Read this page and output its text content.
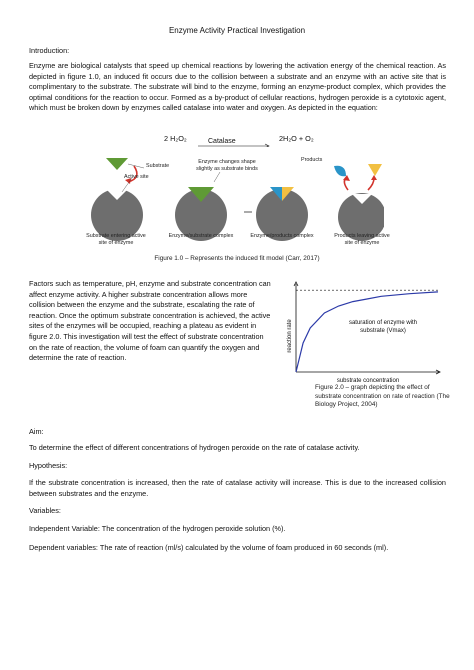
Enzyme Activity Practical Investigation
Introduction:
Enzyme are biological catalysts that speed up chemical reactions by lowering the activation energy of the chemical reaction. As depicted in figure 1.0, an induced fit occurs due to the collision between a substrate and an enzyme with an active site that is complimentary to the substrate. The substrate will bind to the enzyme, forming an enzyme-product complex, which provides the optimal conditions for the reaction to occur. Formed as a by-product of cellular reactions, hydrogen peroxide is a cytotoxic agent, which must be broken down by enzymes called catalase into water and oxygen. As depicted in the equation:
2 H₂O₂	Catalase	2H₂O + O₂
Substrate
Active site
Enzyme changes shape slightly as substrate binds
Products
Substrate entering active site of enzyme
Enzyme/substrate complex	Enzyme/products complex	Products leaving active site of enzyme
Figure 1.0 – Represents the induced fit model (Carr, 2017)
Factors such as temperature, pH, enzyme and substrate concentration can affect enzyme activity. A higher substrate concentration allows more collision between the enzyme and the substrate, escalating the rate of reaction. Once the optimum substrate concentration is achieved, the active sites of the enzymes will be occupied, reaching a plateau as evident in figure 2.0. This investigation will test the effect of substrate concentration on the rate of reaction, the volume of foam can quantify the oxygen and determine the rate of reaction.
reaction rate
substrate concentration
saturation of enzyme with substrate (Vmax)
Figure 2.0 – graph depicting the effect of substrate concentration on rate of reaction (The Biology Project, 2004)
Aim:
To determine the effect of different concentrations of hydrogen peroxide on the rate of catalase activity.
Hypothesis:
If the substrate concentration is increased, then the rate of catalase activity will increase. This is due to the increased collision between substrates and the enzyme.
Variables:
Independent Variable: The concentration of the hydrogen peroxide solution (%).
Dependent variables: The rate of reaction (ml/s) calculated by the volume of foam produced in 60 seconds (ml).
